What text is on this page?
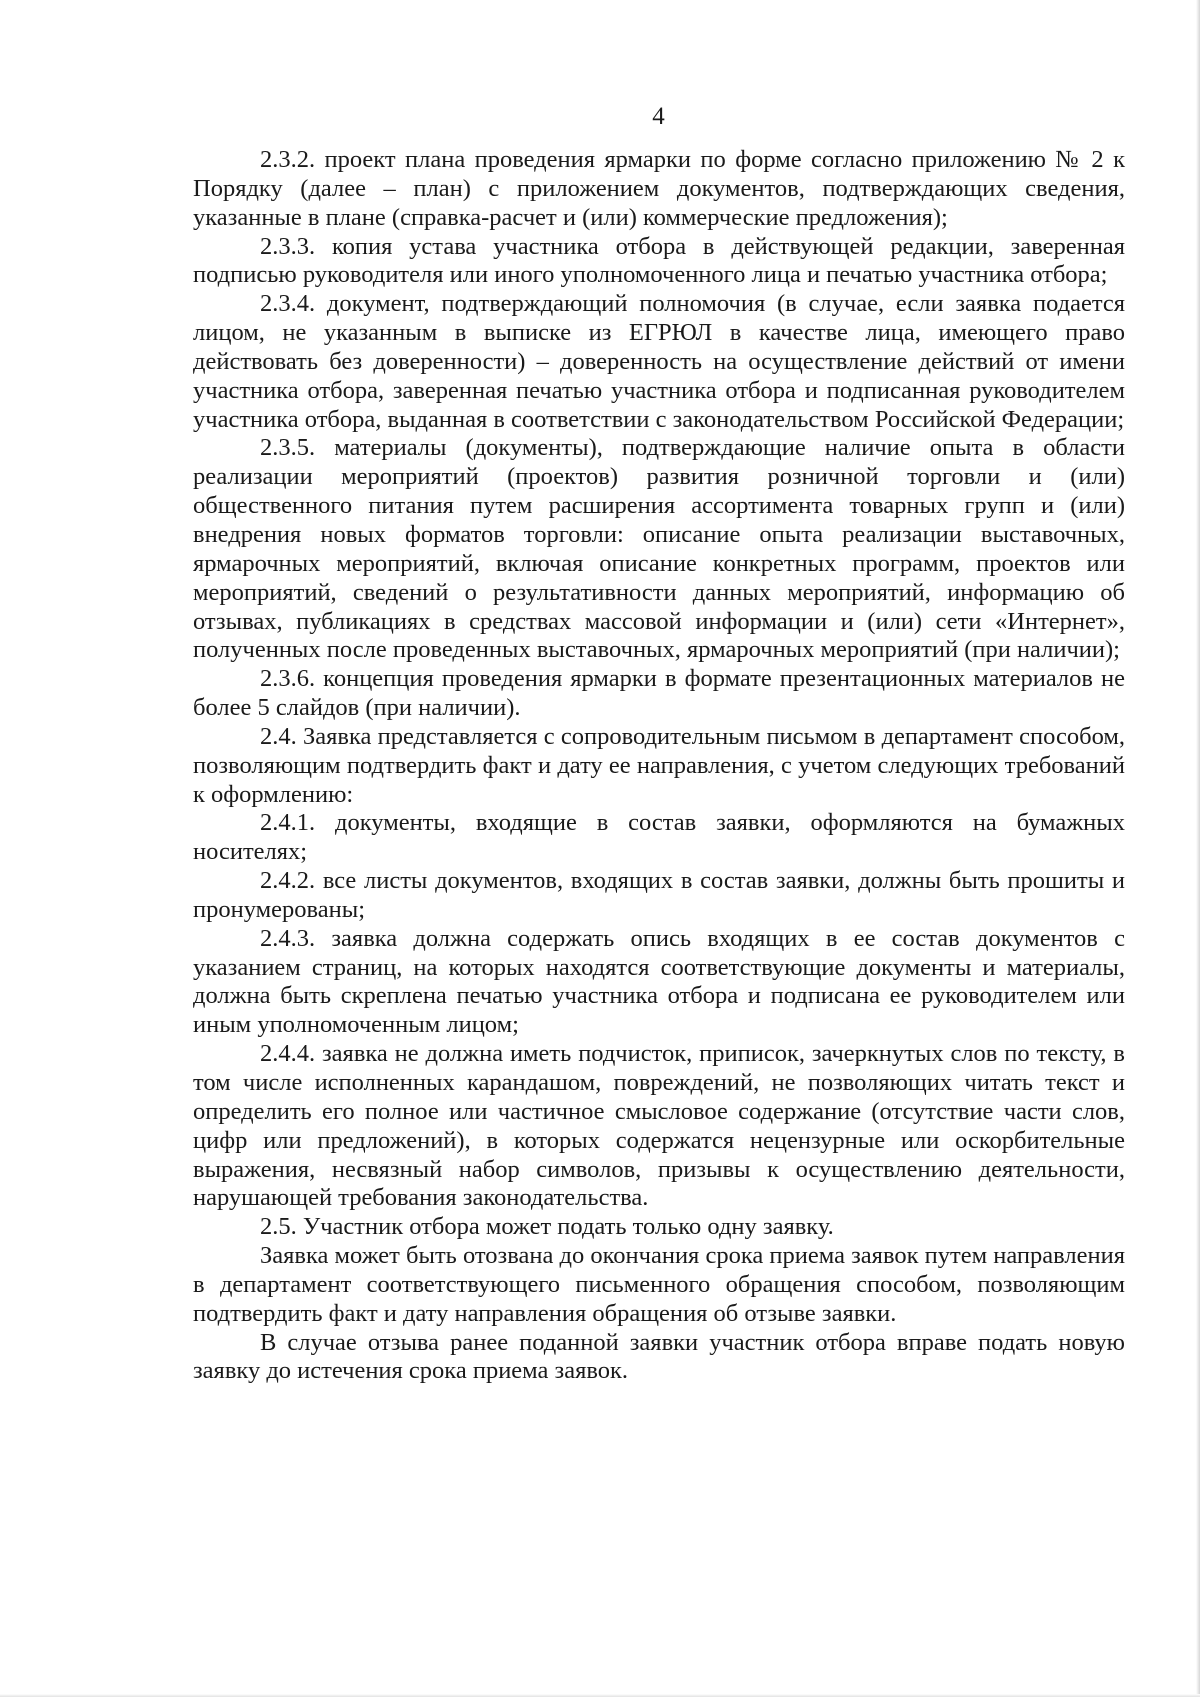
4

2.3.2. проект плана проведения ярмарки по форме согласно приложению № 2 к Порядку (далее – план) с приложением документов, подтверждающих сведения, указанные в плане (справка-расчет и (или) коммерческие предложения);

2.3.3. копия устава участника отбора в действующей редакции, заверенная подписью руководителя или иного уполномоченного лица и печатью участника отбора;

2.3.4. документ, подтверждающий полномочия (в случае, если заявка подается лицом, не указанным в выписке из ЕГРЮЛ в качестве лица, имеющего право действовать без доверенности) – доверенность на осуществление действий от имени участника отбора, заверенная печатью участника отбора и подписанная руководителем участника отбора, выданная в соответствии с законодательством Российской Федерации;

2.3.5. материалы (документы), подтверждающие наличие опыта в области реализации мероприятий (проектов) развития розничной торговли и (или) общественного питания путем расширения ассортимента товарных групп и (или) внедрения новых форматов торговли: описание опыта реализации выставочных, ярмарочных мероприятий, включая описание конкретных программ, проектов или мероприятий, сведений о результативности данных мероприятий, информацию об отзывах, публикациях в средствах массовой информации и (или) сети «Интернет», полученных после проведенных выставочных, ярмарочных мероприятий (при наличии);

2.3.6. концепция проведения ярмарки в формате презентационных материалов не более 5 слайдов (при наличии).

2.4. Заявка представляется с сопроводительным письмом в департамент способом, позволяющим подтвердить факт и дату ее направления, с учетом следующих требований к оформлению:

2.4.1. документы, входящие в состав заявки, оформляются на бумажных носителях;

2.4.2. все листы документов, входящих в состав заявки, должны быть прошиты и пронумерованы;

2.4.3. заявка должна содержать опись входящих в ее состав документов с указанием страниц, на которых находятся соответствующие документы и материалы, должна быть скреплена печатью участника отбора и подписана ее руководителем или иным уполномоченным лицом;

2.4.4. заявка не должна иметь подчисток, приписок, зачеркнутых слов по тексту, в том числе исполненных карандашом, повреждений, не позволяющих читать текст и определить его полное или частичное смысловое содержание (отсутствие части слов, цифр или предложений), в которых содержатся нецензурные или оскорбительные выражения, несвязный набор символов, призывы к осуществлению деятельности, нарушающей требования законодательства.

2.5. Участник отбора может подать только одну заявку.

Заявка может быть отозвана до окончания срока приема заявок путем направления в департамент соответствующего письменного обращения способом, позволяющим подтвердить факт и дату направления обращения об отзыве заявки.

В случае отзыва ранее поданной заявки участник отбора вправе подать новую заявку до истечения срока приема заявок.
